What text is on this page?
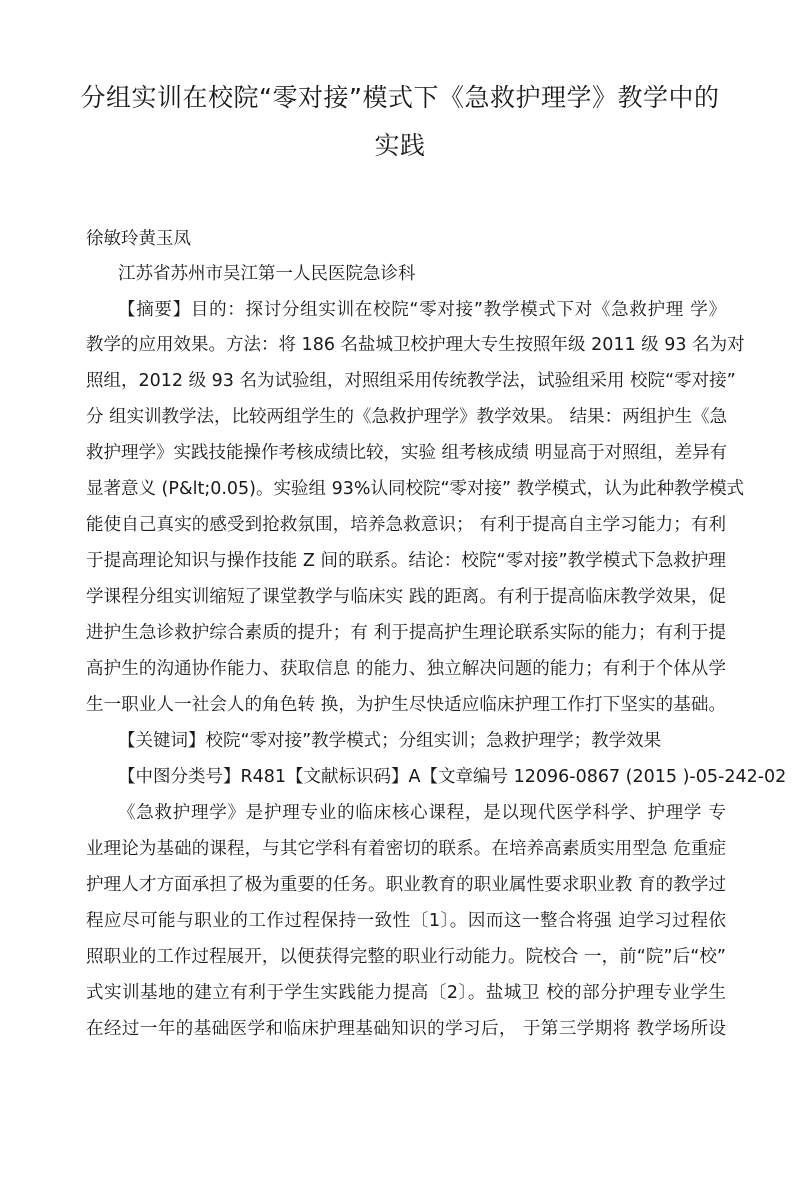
分组实训在校院“零对接”模式下《急救护理学》教学中的
实践

徐敏玲黄玉凤

江苏省苏州市吴江第一人民医院急诊科

【摘要】目的：探讨分组实训在校院“零对接”教学模式下对《急救护理 学》

教学的应用效果。方法：将 186 名盐城卫校护理大专生按照年级 2011 级 93 名为对

照组，2012 级 93 名为试验组，对照组采用传统教学法，试验组采用 校院“零对接”

分 组实训教学法，比较两组学生的《急救护理学》教学效果。 结果：两组护生《急

救护理学》实践技能操作考核成绩比较，实验 组考核成绩 明显高于对照组，差异有

显著意义 (P&lt;0.05)。实验组 93%认同校院“零对接” 教学模式，认为此种教学模式

能使自己真实的感受到抢救氛围，培养急救意识； 有利于提高自主学习能力；有利

于提高理论知识与操作技能 Z 间的联系。结论：校院“零对接”教学模式下急救护理

学课程分组实训缩短了课堂教学与临床实 践的距离。有利于提高临床教学效果，促

进护生急诊救护综合素质的提升；有 利于提高护生理论联系实际的能力；有利于提

高护生的沟通协作能力、获取信息 的能力、独立解决问题的能力；有利于个体从学

生一职业人一社会人的角色转 换，为护生尽快适应临床护理工作打下坚实的基础。

【关键词】校院“零对接”教学模式；分组实训；急救护理学；教学效果

【中图分类号】R481【文献标识码】A【文章编号 12096-0867 (2015 )-05-242-02

《急救护理学》是护理专业的临床核心课程，是以现代医学科学、护理学 专

业理论为基础的课程，与其它学科有着密切的联系。在培养高素质实用型急 危重症

护理人才方面承担了极为重要的任务。职业教育的职业属性要求职业教 育的教学过

程应尽可能与职业的工作过程保持一致性〔1〕。因而这一整合将强 迫学习过程依

照职业的工作过程展开，以便获得完整的职业行动能力。院校合 一，前“院”后“校”

式实训基地的建立有利于学生实践能力提高〔2〕。盐城卫 校的部分护理专业学生

在经过一年的基础医学和临床护理基础知识的学习后， 于第三学期将 教学场所设
